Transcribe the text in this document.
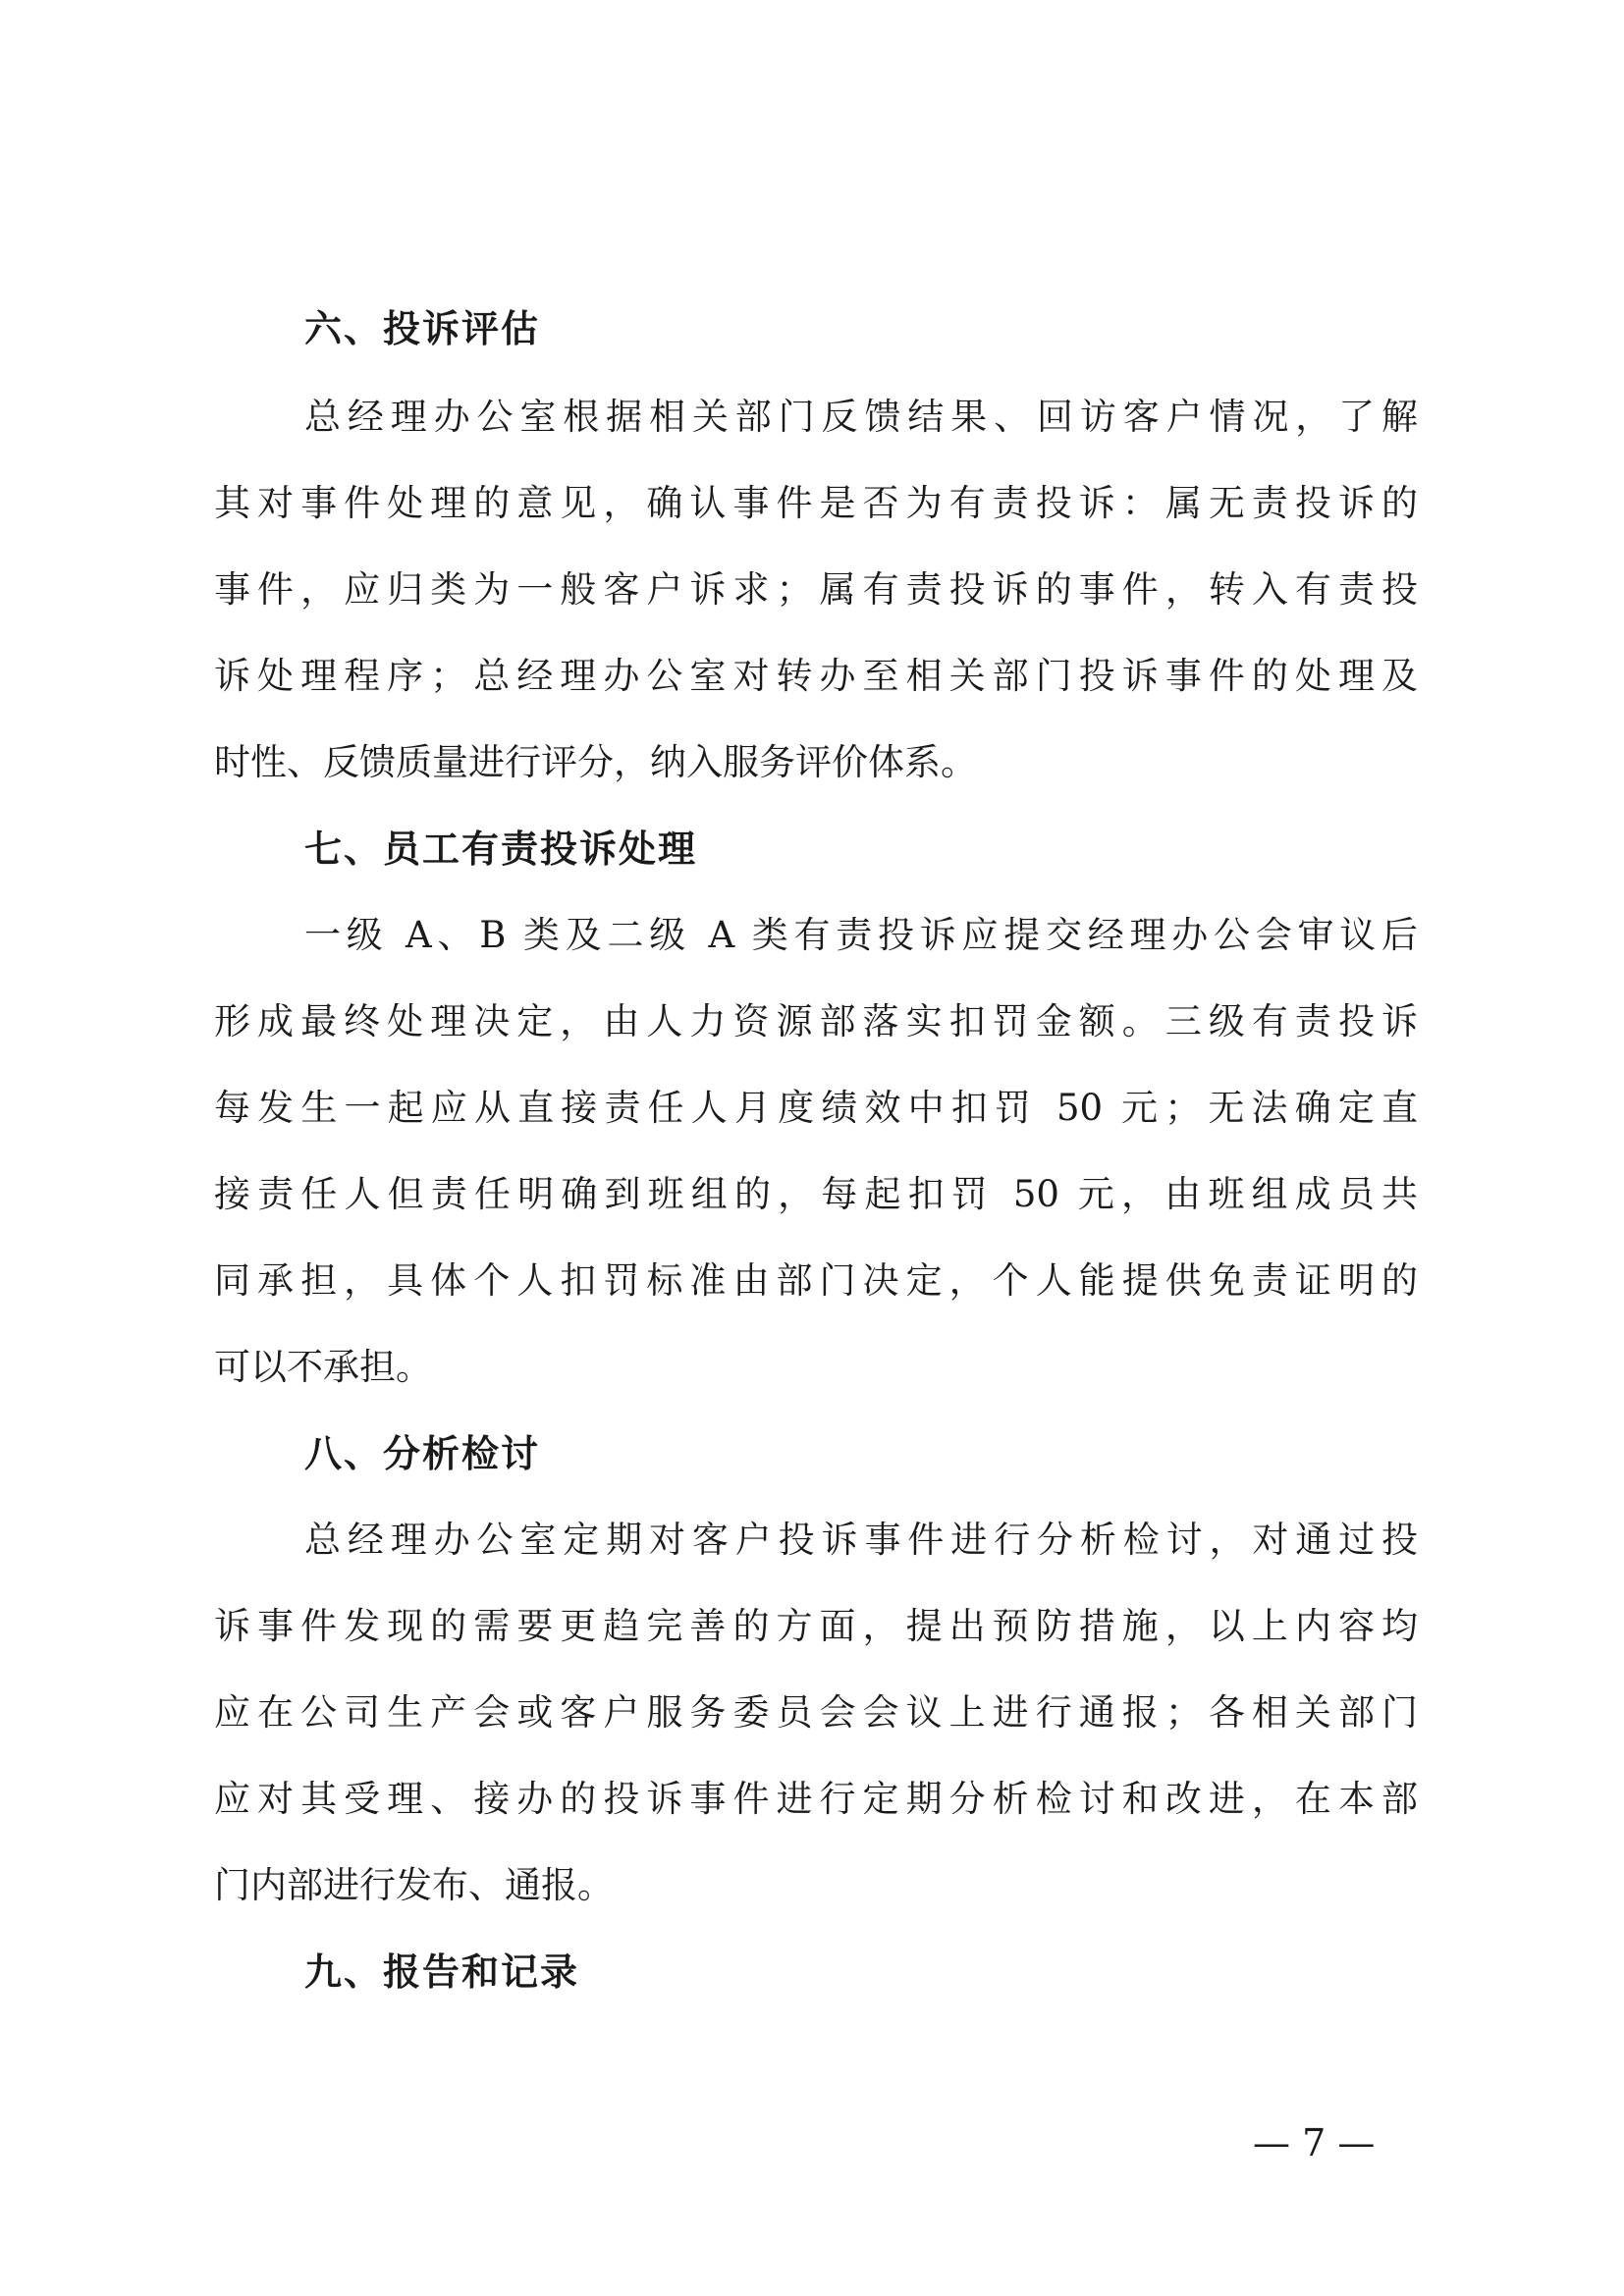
六、投诉评估
总经理办公室根据相关部门反馈结果、回访客户情况，了解
其对事件处理的意见，确认事件是否为有责投诉：属无责投诉的
事件，应归类为一般客户诉求；属有责投诉的事件，转入有责投
诉处理程序；总经理办公室对转办至相关部门投诉事件的处理及
时性、反馈质量进行评分，纳入服务评价体系。
七、员工有责投诉处理
一级 A、B 类及二级 A 类有责投诉应提交经理办公会审议后
形成最终处理决定，由人力资源部落实扣罚金额。三级有责投诉
每发生一起应从直接责任人月度绩效中扣罚 50 元；无法确定直
接责任人但责任明确到班组的，每起扣罚 50 元，由班组成员共
同承担，具体个人扣罚标准由部门决定，个人能提供免责证明的
可以不承担。
八、分析检讨
总经理办公室定期对客户投诉事件进行分析检讨，对通过投
诉事件发现的需要更趋完善的方面，提出预防措施，以上内容均
应在公司生产会或客户服务委员会会议上进行通报；各相关部门
应对其受理、接办的投诉事件进行定期分析检讨和改进，在本部
门内部进行发布、通报。
九、报告和记录
— 7 —
